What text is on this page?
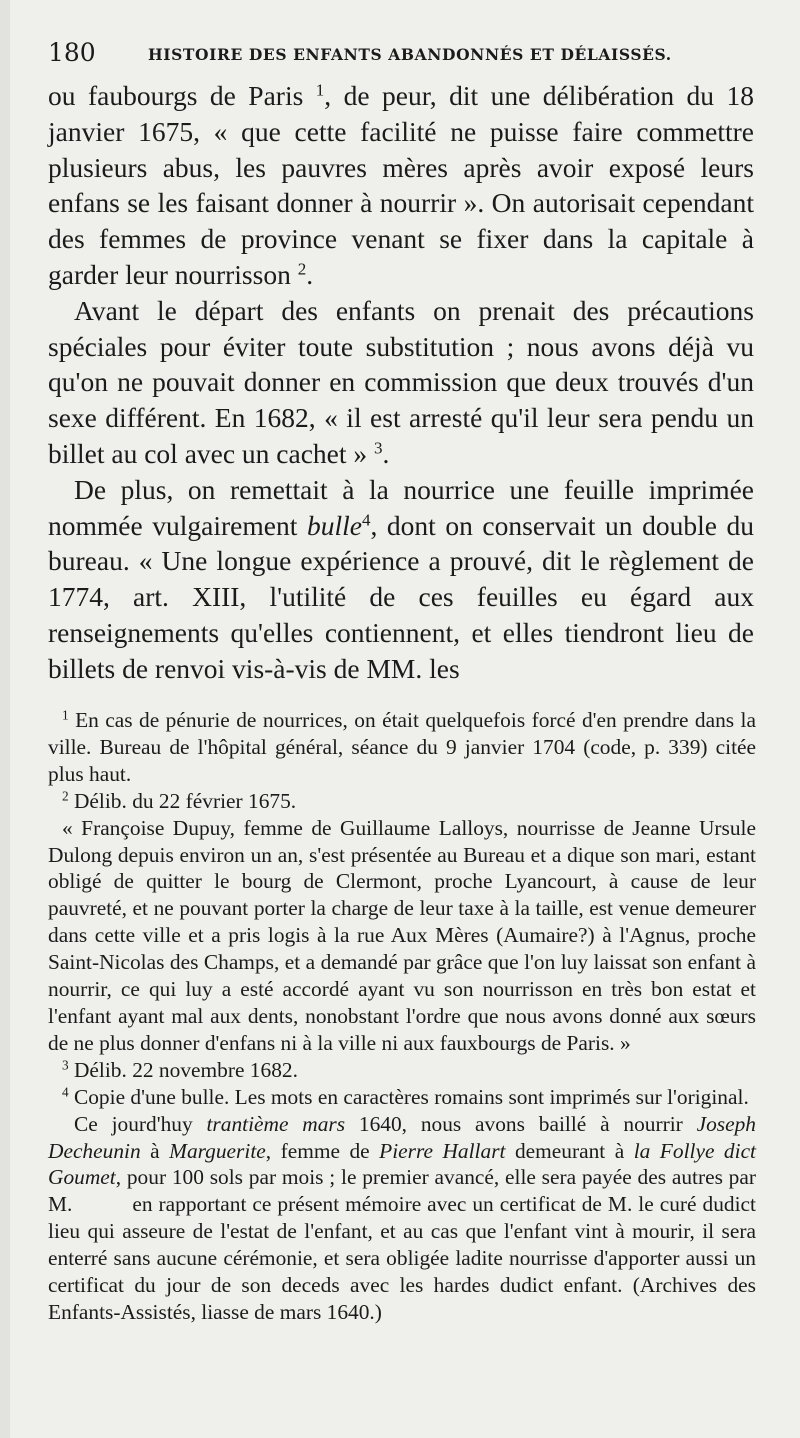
180	HISTOIRE DES ENFANTS ABANDONNÉS ET DÉLAISSÉS.

ou faubourgs de Paris $^1$, de peur, dit une délibération du 18 janvier 1675, « que cette facilité ne puisse faire commettre plusieurs abus, les pauvres mères après avoir exposé leurs enfans se les faisant donner à nourrir ». On autorisait cependant des femmes de province venant se fixer dans la capitale à garder leur nourrisson $^2$.

Avant le départ des enfants on prenait des précautions spéciales pour éviter toute substitution ; nous avons déjà vu qu'on ne pouvait donner en commission que deux trouvés d'un sexe différent. En 1682, « il est arresté qu'il leur sera pendu un billet au col avec un cachet » $^3$.

De plus, on remettait à la nourrice une feuille imprimée nommée vulgairement bulle$^4$, dont on conservait un double du bureau. « Une longue expérience a prouvé, dit le règlement de 1774, art. XIII, l'utilité de ces feuilles eu égard aux renseignements qu'elles contiennent, et elles tiendront lieu de billets de renvoi vis-à-vis de MM. les

$^1$ En cas de pénurie de nourrices, on était quelquefois forcé d'en prendre dans la ville. Bureau de l'hôpital général, séance du 9 janvier 1704 (code, p. 339) citée plus haut.

$^2$ Délib. du 22 février 1675.

« Françoise Dupuy, femme de Guillaume Lalloys, nourrisse de Jeanne Ursule Dulong depuis environ un an, s'est présentée au Bureau et a dique son mari, estant obligé de quitter le bourg de Clermont, proche Lyancourt, à cause de leur pauvreté, et ne pouvant porter la charge de leur taxe à la taille, est venue demeurer dans cette ville et a pris logis à la rue Aux Mères (Aumaire?) à l'Agnus, proche Saint-Nicolas des Champs, et a demandé par grâce que l'on luy laissat son enfant à nourrir, ce qui luy a esté accordé ayant vu son nourrisson en très bon estat et l'enfant ayant mal aux dents, nonobstant l'ordre que nous avons donné aux sœurs de ne plus donner d'enfans ni à la ville ni aux fauxbourgs de Paris. »

$^3$ Délib. 22 novembre 1682.

$^4$ Copie d'une bulle. Les mots en caractères romains sont imprimés sur l'original.

Ce jourd'huy trantième mars 1640, nous avons baillé à nourrir Joseph Decheunin à Marguerite, femme de Pierre Hallart demeurant à la Follye dict Goumet, pour 100 sols par mois ; le premier avancé, elle sera payée des autres par M.          en rapportant ce présent mémoire avec un certificat de M. le curé dudict lieu qui asseure de l'estat de l'enfant, et au cas que l'enfant vint à mourir, il sera enterré sans aucune cérémonie, et sera obligée ladite nourrisse d'apporter aussi un certificat du jour de son deceds avec les hardes dudict enfant. (Archives des Enfants-Assistés, liasse de mars 1640.)
